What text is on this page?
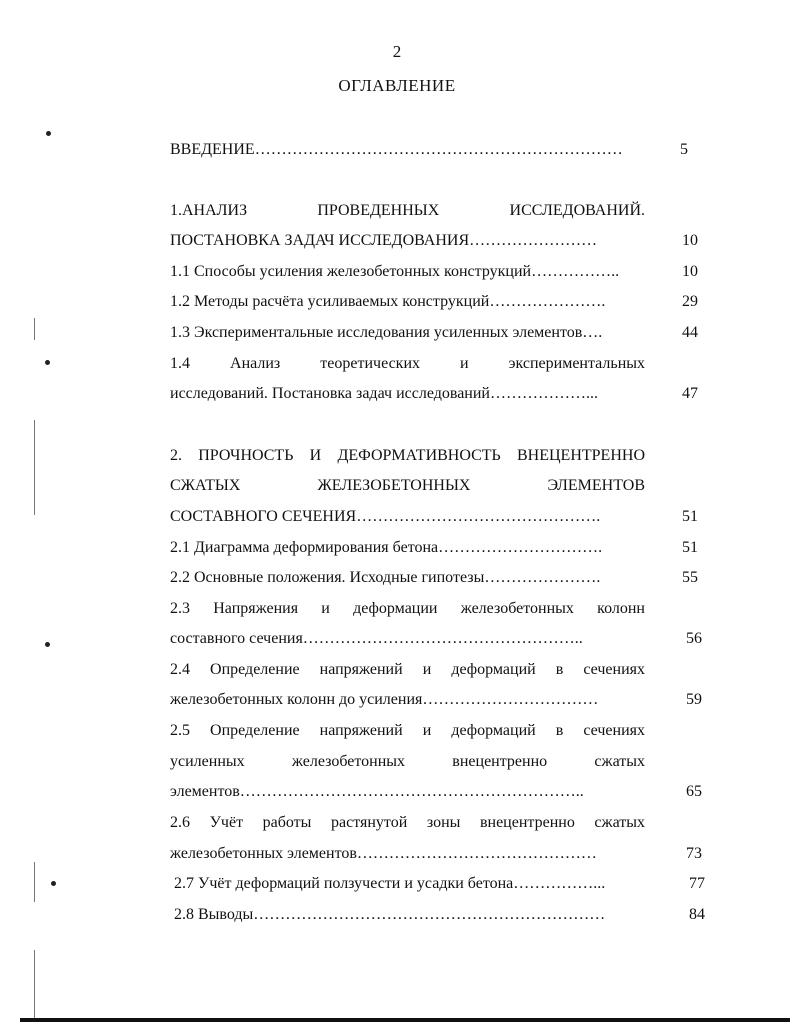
2
ОГЛАВЛЕНИЕ
ВВЕДЕНИЕ……………………………………………………………	5
1.АНАЛИЗ ПРОВЕДЕННЫХ ИССЛЕДОВАНИЙ.
ПОСТАНОВКА ЗАДАЧ ИССЛЕДОВАНИЯ……………………	10
1.1 Способы усиления железобетонных конструкций……………..	10
1.2 Методы расчёта усиливаемых конструкций………………….	29
1.3 Экспериментальные исследования усиленных элементов….	44
1.4 Анализ теоретических и экспериментальных
исследований. Постановка задач исследований………………...	47
2. ПРОЧНОСТЬ И ДЕФОРМАТИВНОСТЬ ВНЕЦЕНТРЕННО
СЖАТЫХ ЖЕЛЕЗОБЕТОННЫХ ЭЛЕМЕНТОВ
СОСТАВНОГО СЕЧЕНИЯ……………………………………….	51
2.1 Диаграмма деформирования бетона………………………….	51
2.2 Основные положения. Исходные гипотезы………………….	55
2.3 Напряжения и деформации железобетонных колонн
составного сечения……………………………………………..	56
2.4 Определение напряжений и деформаций в сечениях
железобетонных колонн до усиления……………………………	59
2.5 Определение напряжений и деформаций в сечениях
усиленных железобетонных внецентренно сжатых
элементов………………………………………………………..	65
2.6 Учёт работы растянутой зоны внецентренно сжатых
железобетонных элементов………………………………………	73
2.7 Учёт деформаций ползучести и усадки бетона……………...	77
2.8 Выводы…………………………………………………………	84
